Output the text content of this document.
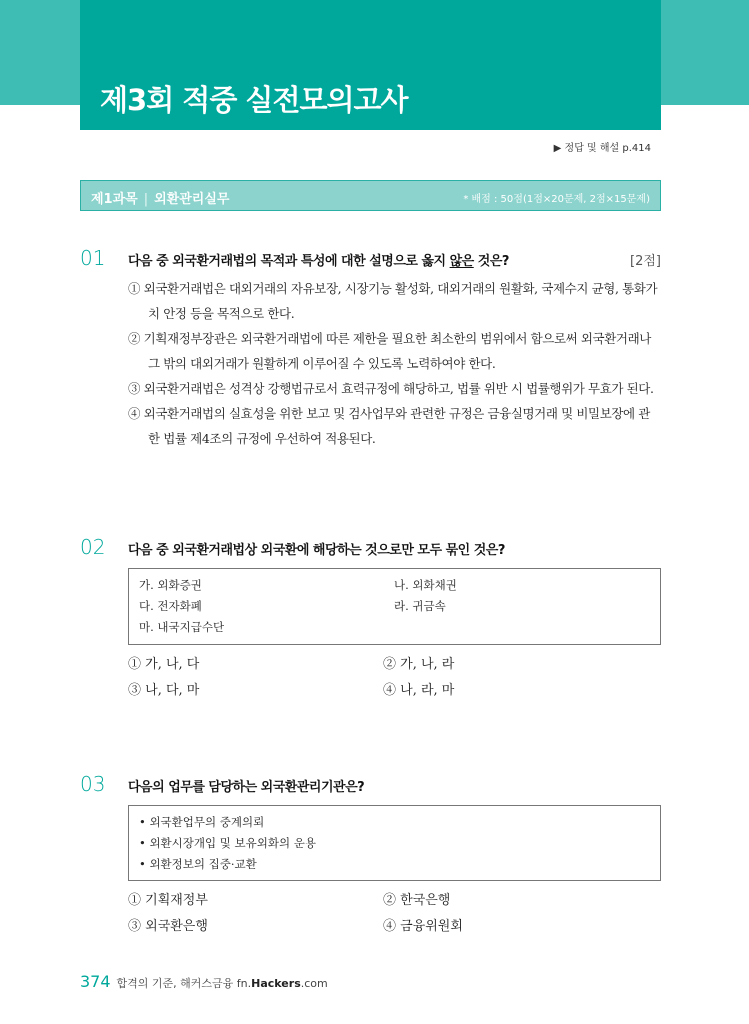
제3회 적중 실전모의고사
▶ 정답 및 해설 p.414
제1과목 | 외환관리실무	* 배점 : 50점(1점×20문제, 2점×15문제)
01 다음 중 외국환거래법의 목적과 특성에 대한 설명으로 옳지 않은 것은?	[2점]
① 외국환거래법은 대외거래의 자유보장, 시장기능 활성화, 대외거래의 원활화, 국제수지 균형, 통화가치 안정 등을 목적으로 한다.
② 기획재정부장관은 외국환거래법에 따른 제한을 필요한 최소한의 범위에서 함으로써 외국환거래나 그 밖의 대외거래가 원활하게 이루어질 수 있도록 노력하여야 한다.
③ 외국환거래법은 성격상 강행법규로서 효력규정에 해당하고, 법률 위반 시 법률행위가 무효가 된다.
④ 외국환거래법의 실효성을 위한 보고 및 검사업무와 관련한 규정은 금융실명거래 및 비밀보장에 관한 법률 제4조의 규정에 우선하여 적용된다.
02 다음 중 외국환거래법상 외국환에 해당하는 것으로만 모두 묶인 것은?
가. 외화증권	나. 외화채권
다. 전자화폐	라. 귀금속
마. 내국지급수단
① 가, 나, 다	② 가, 나, 라
③ 나, 다, 마	④ 나, 라, 마
03 다음의 업무를 담당하는 외국환관리기관은?
• 외국환업무의 중계의뢰
• 외환시장개입 및 보유외화의 운용
• 외환정보의 집중·교환
① 기획재정부	② 한국은행
③ 외국환은행	④ 금융위원회
374 합격의 기준, 해커스금융 fn.Hackers.com
